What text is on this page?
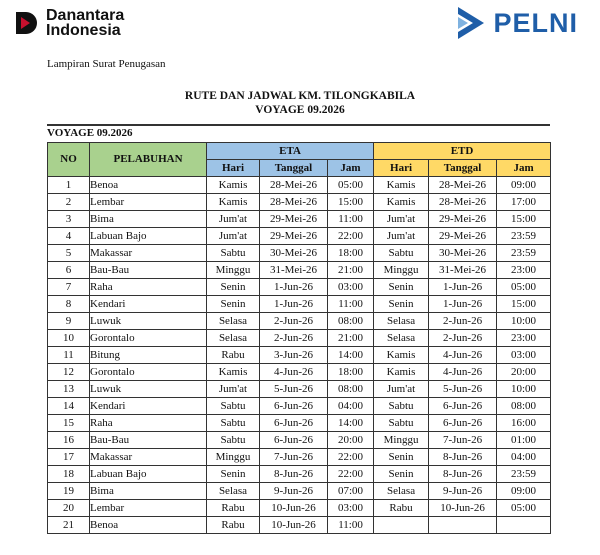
Danantara
Indonesia	PELNI
Lampiran Surat Penugasan
RUTE DAN JADWAL KM. TILONGKABILA
VOYAGE 09.2026
VOYAGE 09.2026
NO	PELABUHAN	ETA			ETD		
		Hari	Tanggal	Jam	Hari	Tanggal	Jam
1	Benoa	Kamis	28-Mei-26	05:00	Kamis	28-Mei-26	09:00
2	Lembar	Kamis	28-Mei-26	15:00	Kamis	28-Mei-26	17:00
3	Bima	Jum'at	29-Mei-26	11:00	Jum'at	29-Mei-26	15:00
4	Labuan Bajo	Jum'at	29-Mei-26	22:00	Jum'at	29-Mei-26	23:59
5	Makassar	Sabtu	30-Mei-26	18:00	Sabtu	30-Mei-26	23:59
6	Bau-Bau	Minggu	31-Mei-26	21:00	Minggu	31-Mei-26	23:00
7	Raha	Senin	1-Jun-26	03:00	Senin	1-Jun-26	05:00
8	Kendari	Senin	1-Jun-26	11:00	Senin	1-Jun-26	15:00
9	Luwuk	Selasa	2-Jun-26	08:00	Selasa	2-Jun-26	10:00
10	Gorontalo	Selasa	2-Jun-26	21:00	Selasa	2-Jun-26	23:00
11	Bitung	Rabu	3-Jun-26	14:00	Kamis	4-Jun-26	03:00
12	Gorontalo	Kamis	4-Jun-26	18:00	Kamis	4-Jun-26	20:00
13	Luwuk	Jum'at	5-Jun-26	08:00	Jum'at	5-Jun-26	10:00
14	Kendari	Sabtu	6-Jun-26	04:00	Sabtu	6-Jun-26	08:00
15	Raha	Sabtu	6-Jun-26	14:00	Sabtu	6-Jun-26	16:00
16	Bau-Bau	Sabtu	6-Jun-26	20:00	Minggu	7-Jun-26	01:00
17	Makassar	Minggu	7-Jun-26	22:00	Senin	8-Jun-26	04:00
18	Labuan Bajo	Senin	8-Jun-26	22:00	Senin	8-Jun-26	23:59
19	Bima	Selasa	9-Jun-26	07:00	Selasa	9-Jun-26	09:00
20	Lembar	Rabu	10-Jun-26	03:00	Rabu	10-Jun-26	05:00
21	Benoa	Rabu	10-Jun-26	11:00			
